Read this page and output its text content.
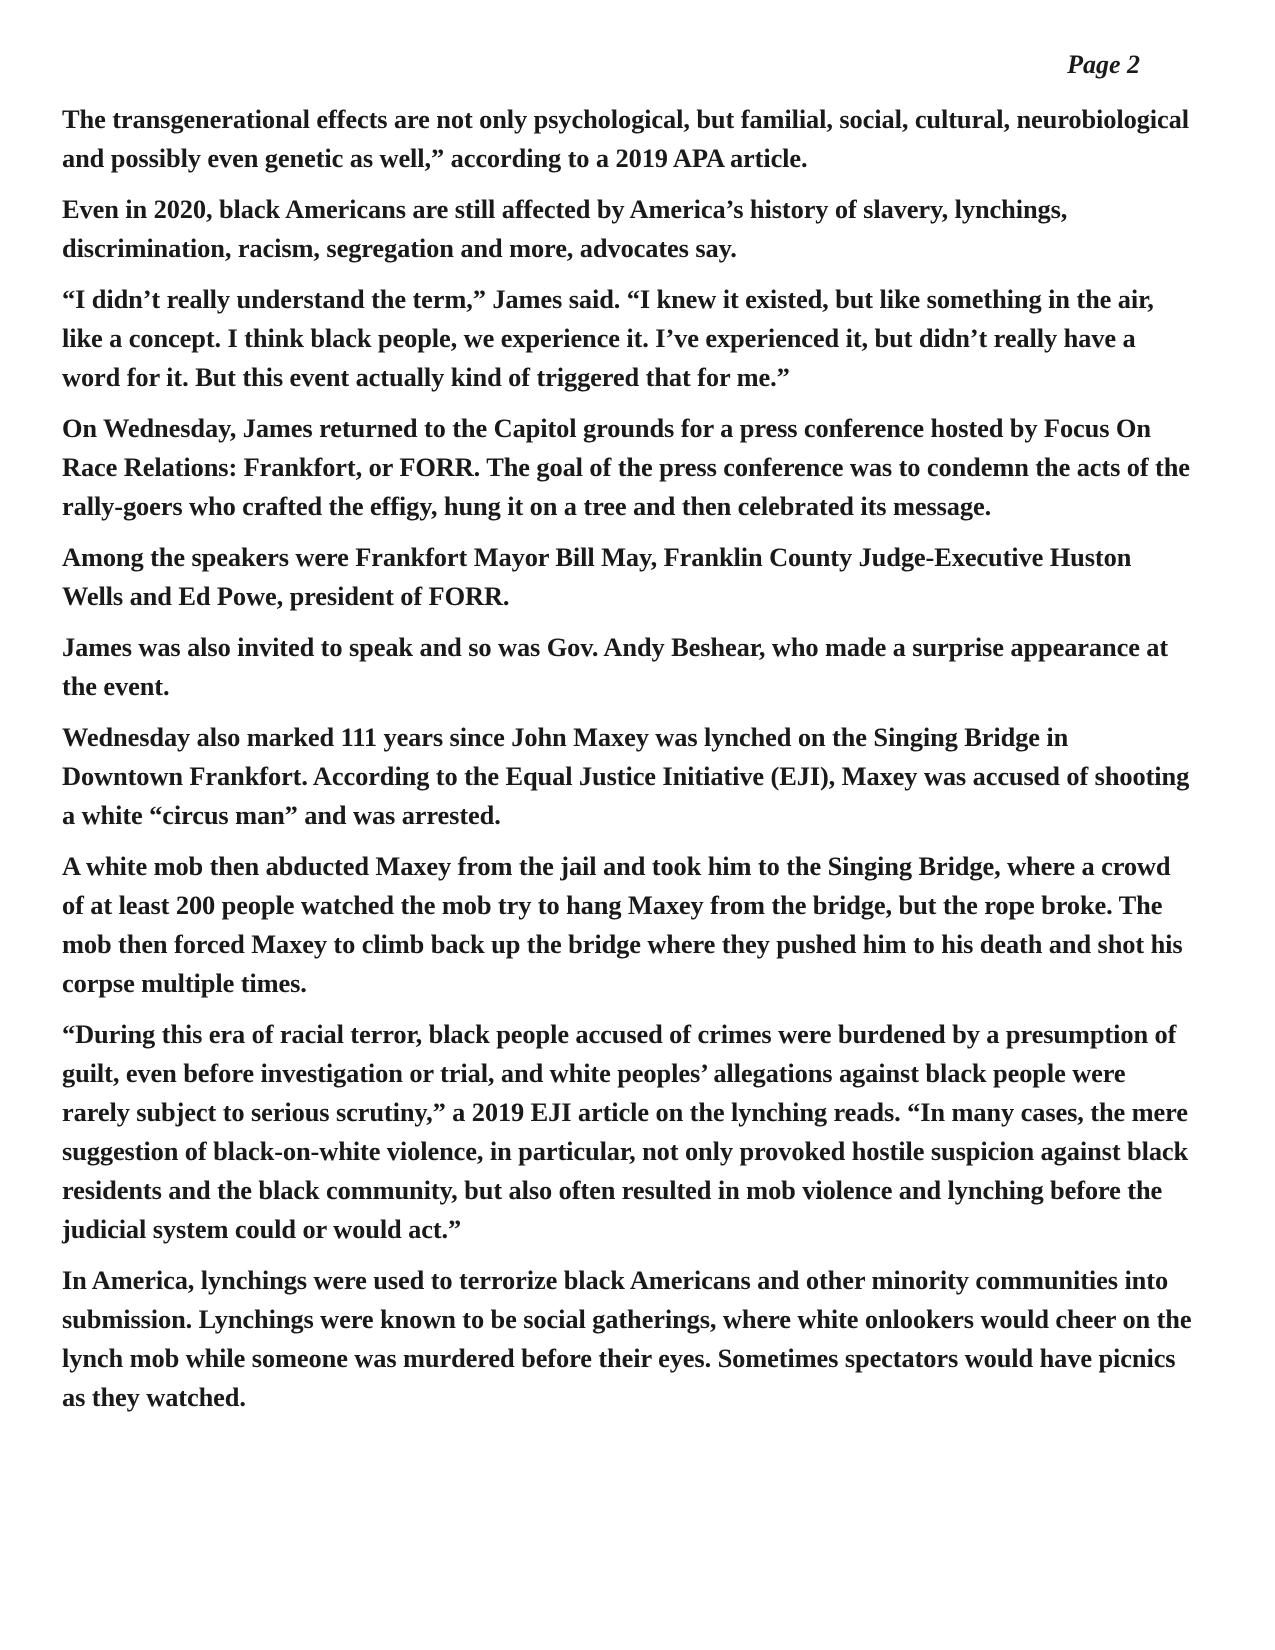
Page 2

The transgenerational effects are not only psychological, but familial, social, cultural, neurobiological and possibly even genetic as well,” according to a 2019 APA article.

Even in 2020, black Americans are still affected by America’s history of slavery, lynchings, discrimination, racism, segregation and more, advocates say.

“I didn’t really understand the term,” James said. “I knew it existed, but like something in the air, like a concept. I think black people, we experience it. I’ve experienced it, but didn’t really have a word for it. But this event actually kind of triggered that for me.”

On Wednesday, James returned to the Capitol grounds for a press conference hosted by Focus On Race Relations: Frankfort, or FORR. The goal of the press conference was to condemn the acts of the rally-goers who crafted the effigy, hung it on a tree and then celebrated its message.

Among the speakers were Frankfort Mayor Bill May, Franklin County Judge-Executive Huston Wells and Ed Powe, president of FORR.

James was also invited to speak and so was Gov. Andy Beshear, who made a surprise appearance at the event.

Wednesday also marked 111 years since John Maxey was lynched on the Singing Bridge in Downtown Frankfort. According to the Equal Justice Initiative (EJI), Maxey was accused of shooting a white “circus man” and was arrested.

A white mob then abducted Maxey from the jail and took him to the Singing Bridge, where a crowd of at least 200 people watched the mob try to hang Maxey from the bridge, but the rope broke. The mob then forced Maxey to climb back up the bridge where they pushed him to his death and shot his corpse multiple times.

“During this era of racial terror, black people accused of crimes were burdened by a presumption of guilt, even before investigation or trial, and white peoples’ allegations against black people were rarely subject to serious scrutiny,” a 2019 EJI article on the lynching reads. “In many cases, the mere suggestion of black-on-white violence, in particular, not only provoked hostile suspicion against black residents and the black community, but also often resulted in mob violence and lynching before the judicial system could or would act.”

In America, lynchings were used to terrorize black Americans and other minority communities into submission. Lynchings were known to be social gatherings, where white onlookers would cheer on the lynch mob while someone was murdered before their eyes. Sometimes spectators would have picnics as they watched.
